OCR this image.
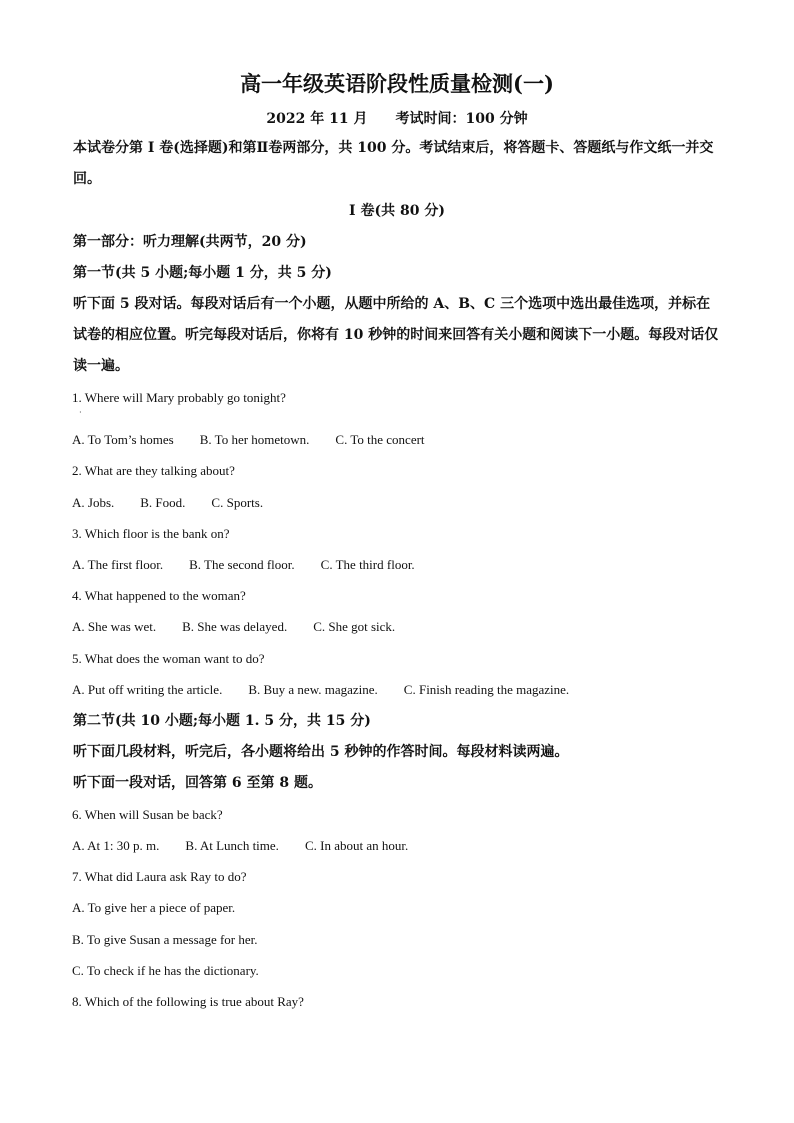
高一年级英语阶段性质量检测(一)
2022 年 11 月 考试时间：100 分钟
本试卷分第 I 卷(选择题)和第Ⅱ卷两部分，共 100 分。考试结束后，将答题卡、答题纸与作文纸一并交回。
I 卷(共 80 分)
第一部分：听力理解(共两节，20 分)
第一节(共 5 小题;每小题 1 分，共 5 分)
听下面 5 段对话。每段对话后有一个小题，从题中所给的 A、B、C 三个选项中选出最佳选项，并标在试卷的相应位置。听完每段对话后，你将有 10 秒钟的时间来回答有关小题和阅读下一小题。每段对话仅读一遍。
1. Where will Mary probably go tonight?
·
A. To Tom’s homes B. To her hometown. C. To the concert
2. What are they talking about?
A. Jobs. B. Food. C. Sports.
3. Which floor is the bank on?
A. The first floor. B. The second floor. C. The third floor.
4. What happened to the woman?
A. She was wet. B. She was delayed. C. She got sick.
5. What does the woman want to do?
A. Put off writing the article. B. Buy a new. magazine. C. Finish reading the magazine.
第二节(共 10 小题;每小题 1. 5 分，共 15 分)
听下面几段材料，听完后，各小题将给出 5 秒钟的作答时间。每段材料读两遍。
听下面一段对话，回答第 6 至第 8 题。
6. When will Susan be back?
A. At 1: 30 p. m. B. At Lunch time. C. In about an hour.
7. What did Laura ask Ray to do?
A. To give her a piece of paper.
B. To give Susan a message for her.
C. To check if he has the dictionary.
8. Which of the following is true about Ray?
